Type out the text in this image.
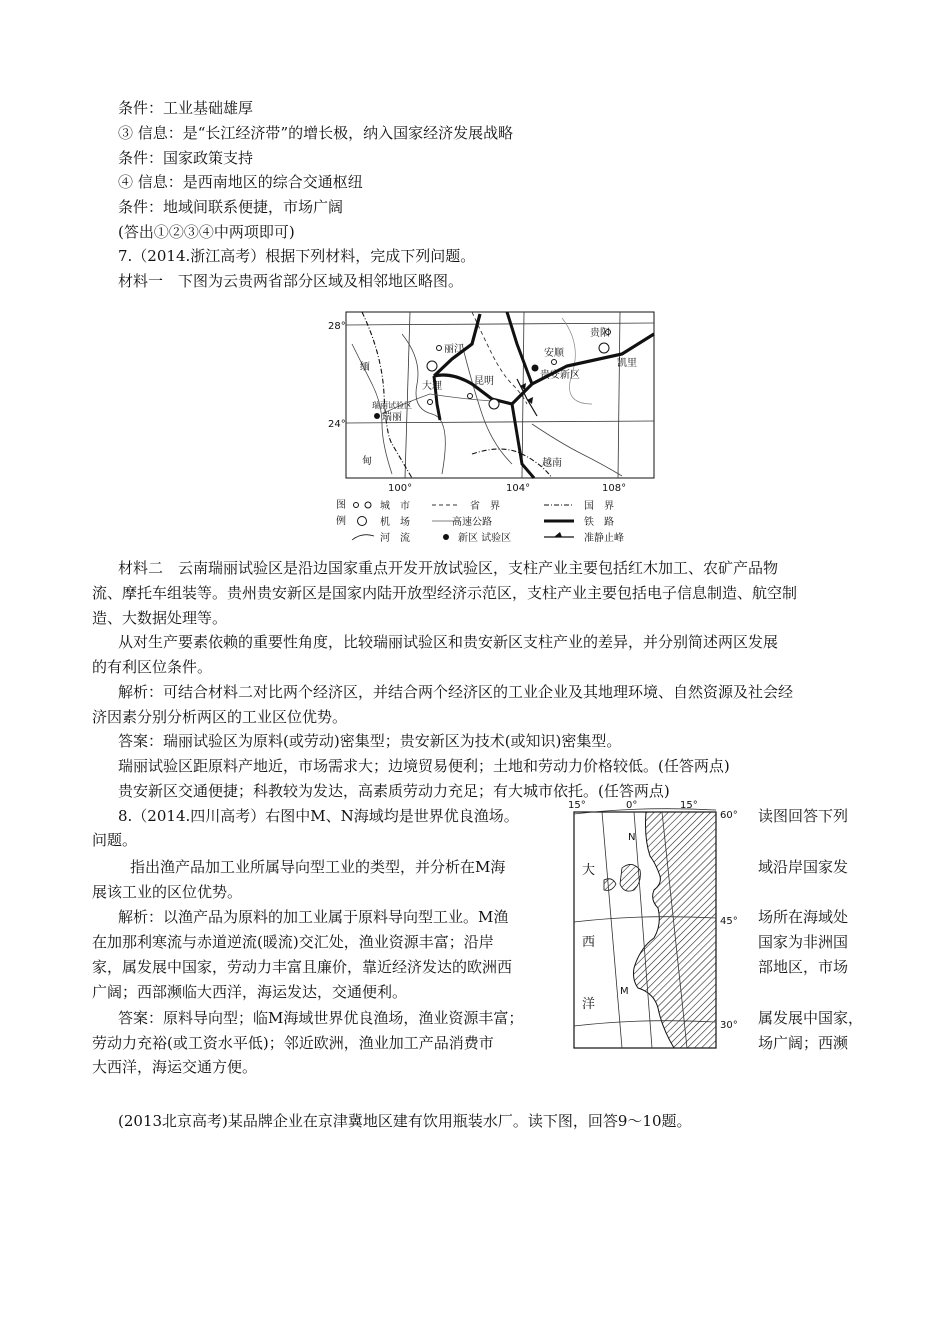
条件：工业基础雄厚
③ 信息：是“长江经济带”的增长极，纳入国家经济发展战略
条件：国家政策支持
④ 信息：是西南地区的综合交通枢纽
条件：地域间联系便捷，市场广阔
(答出①②③④中两项即可)
7.（2014.浙江高考）根据下列材料，完成下列问题。
材料一　下图为云贵两省部分区域及相邻地区略图。
28°
24°
100°	104°	108°
缅
甸
丽江
大理	昆明
瑞丽试验区
瑞丽
安顺
贵阳
凯里
贵安新区
越南
图
例
城　市
机　场
河　流
省　界
高速公路
新区 试验区
国　界
铁　路
准静止峰
材料二　云南瑞丽试验区是沿边国家重点开发开放试验区，支柱产业主要包括红木加工、农矿产品物
流、摩托车组装等。贵州贵安新区是国家内陆开放型经济示范区，支柱产业主要包括电子信息制造、航空制
造、大数据处理等。
从对生产要素依赖的重要性角度，比较瑞丽试验区和贵安新区支柱产业的差异，并分别简述两区发展
的有利区位条件。
解析：可结合材料二对比两个经济区，并结合两个经济区的工业企业及其地理环境、自然资源及社会经
济因素分别分析两区的工业区位优势。
答案：瑞丽试验区为原料(或劳动)密集型；贵安新区为技术(或知识)密集型。
瑞丽试验区距原料产地近，市场需求大；边境贸易便利；土地和劳动力价格较低。(任答两点)
贵安新区交通便捷；科教较为发达，高素质劳动力充足；有大城市依托。(任答两点)
8.（2014.四川高考）右图中M、N海域均是世界优良渔场。	读图回答下列
问题。
指出渔产品加工业所属导向型工业的类型，并分析在M海	域沿岸国家发
展该工业的区位优势。
解析：以渔产品为原料的加工业属于原料导向型工业。M渔	场所在海域处
在加那利寒流与赤道逆流(暖流)交汇处，渔业资源丰富；沿岸	国家为非洲国
家，属发展中国家，劳动力丰富且廉价，靠近经济发达的欧洲西	部地区，市场
广阔；西部濒临大西洋，海运发达，交通便利。
答案：原料导向型；临M海域世界优良渔场，渔业资源丰富；	属发展中国家，
劳动力充裕(或工资水平低)；邻近欧洲，渔业加工产品消费市	场广阔；西濒
大西洋，海运交通方便。
15°	0°	15°
60°
45°
30°
大
西
洋
N
M
(2013北京高考)某品牌企业在京津冀地区建有饮用瓶装水厂。读下图，回答9～10题。
